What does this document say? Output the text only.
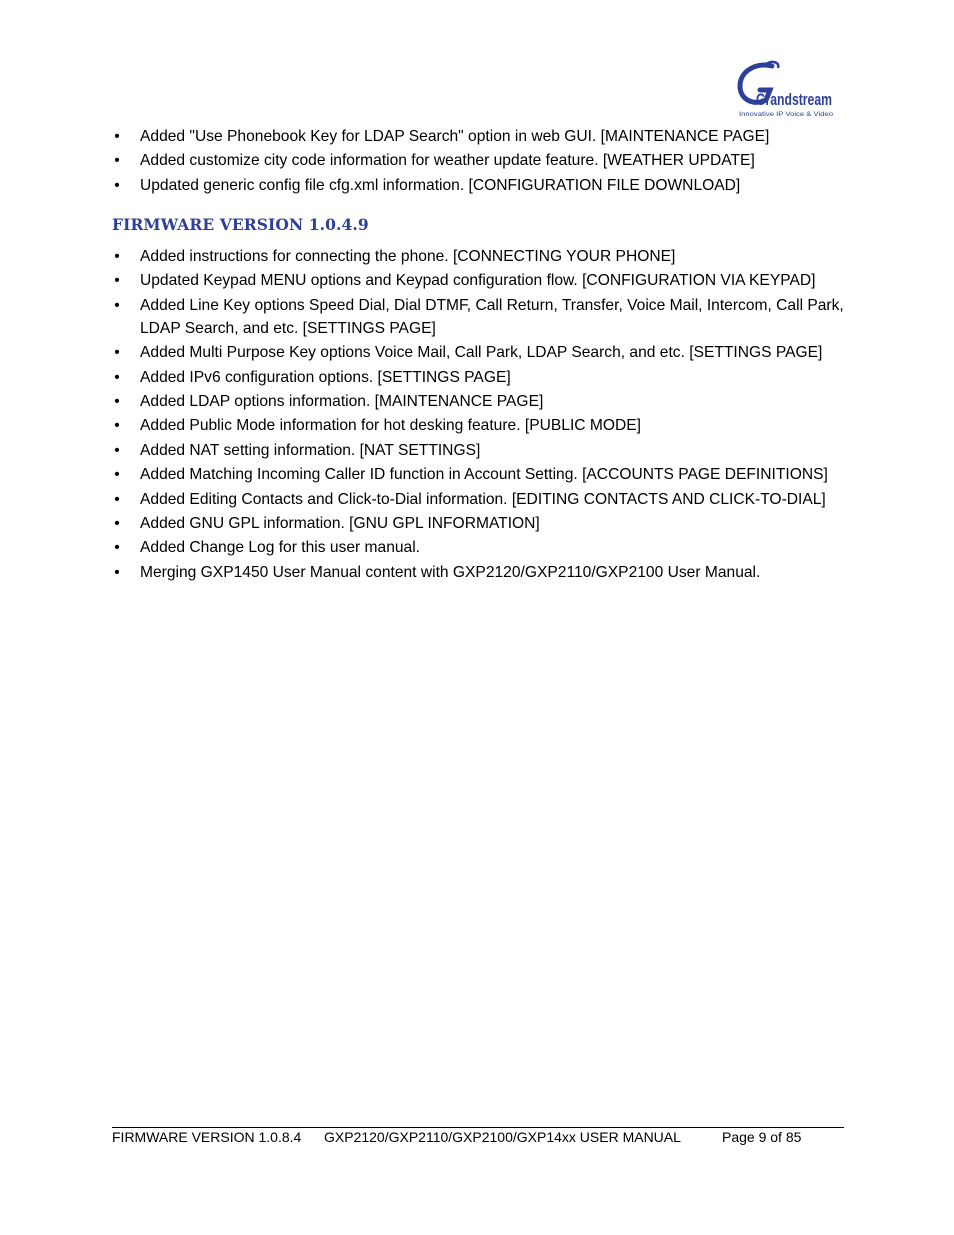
Grandstream
Innovative IP Voice & Video
• Added "Use Phonebook Key for LDAP Search" option in web GUI. [MAINTENANCE PAGE]
• Added customize city code information for weather update feature. [WEATHER UPDATE]
• Updated generic config file cfg.xml information. [CONFIGURATION FILE DOWNLOAD]
FIRMWARE VERSION 1.0.4.9
• Added instructions for connecting the phone. [CONNECTING YOUR PHONE]
• Updated Keypad MENU options and Keypad configuration flow. [CONFIGURATION VIA KEYPAD]
• Added Line Key options Speed Dial, Dial DTMF, Call Return, Transfer, Voice Mail, Intercom, Call Park, LDAP Search, and etc. [SETTINGS PAGE]
• Added Multi Purpose Key options Voice Mail, Call Park, LDAP Search, and etc. [SETTINGS PAGE]
• Added IPv6 configuration options. [SETTINGS PAGE]
• Added LDAP options information. [MAINTENANCE PAGE]
• Added Public Mode information for hot desking feature. [PUBLIC MODE]
• Added NAT setting information. [NAT SETTINGS]
• Added Matching Incoming Caller ID function in Account Setting. [ACCOUNTS PAGE DEFINITIONS]
• Added Editing Contacts and Click-to-Dial information. [EDITING CONTACTS AND CLICK-TO-DIAL]
• Added GNU GPL information. [GNU GPL INFORMATION]
• Added Change Log for this user manual.
• Merging GXP1450 User Manual content with GXP2120/GXP2110/GXP2100 User Manual.
FIRMWARE VERSION 1.0.8.4 GXP2120/GXP2110/GXP2100/GXP14xx USER MANUAL	Page 9 of 85
